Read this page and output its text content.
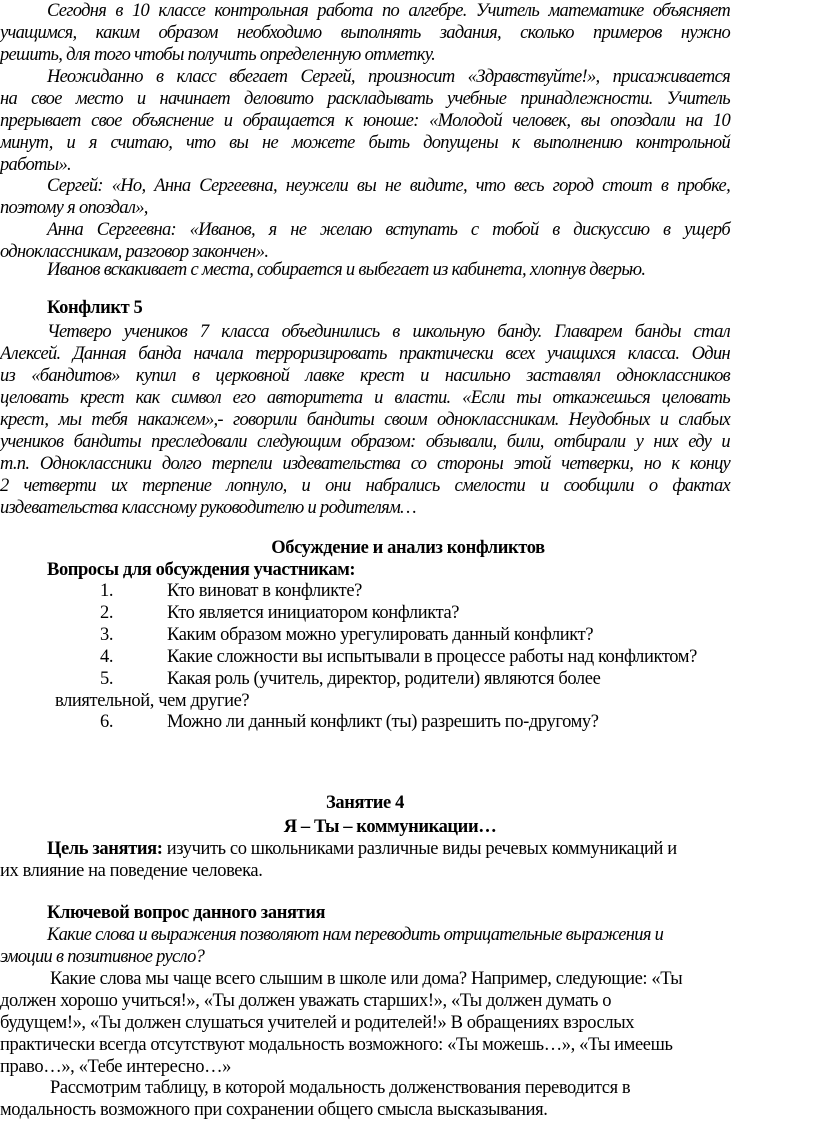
Сегодня в 10 классе контрольная работа по алгебре. Учитель математике объясняет
учащимся, каким образом необходимо выполнять задания, сколько примеров нужно
решить, для того чтобы получить определенную отметку.
Неожиданно в класс вбегает Сергей, произносит «Здравствуйте!», присаживается
на свое место и начинает деловито раскладывать учебные принадлежности. Учитель
прерывает свое объяснение и обращается к юноше: «Молодой человек, вы опоздали на 10
минут, и я считаю, что вы не можете быть допущены к выполнению контрольной
работы».
Сергей: «Но, Анна Сергеевна, неужели вы не видите, что весь город стоит в пробке,
поэтому я опоздал»,
Анна Сергеевна: «Иванов, я не желаю вступать с тобой в дискуссию в ущерб
одноклассникам, разговор закончен».
Иванов вскакивает с места, собирается и выбегает из кабинета, хлопнув дверью.
Конфликт 5
Четверо учеников 7 класса объединились в школьную банду. Главарем банды стал
Алексей. Данная банда начала терроризировать практически всех учащихся класса. Один
из «бандитов» купил в церковной лавке крест и насильно заставлял одноклассников
целовать крест как символ его авторитета и власти. «Если ты откажешься целовать
крест, мы тебя накажем»,- говорили бандиты своим одноклассникам. Неудобных и слабых
учеников бандиты преследовали следующим образом: обзывали, били, отбирали у них еду и
т.п. Одноклассники долго терпели издевательства со стороны этой четверки, но к концу
2 четверти их терпение лопнуло, и они набрались смелости и сообщили о фактах
издевательства классному руководителю и родителям…
Обсуждение и анализ конфликтов
Вопросы для обсуждения участникам:
1.	Кто виноват в конфликте?
2.	Кто является инициатором конфликта?
3.	Каким образом можно урегулировать данный конфликт?
4.	Какие сложности вы испытывали в процессе работы над конфликтом?
5.	Какая роль (учитель, директор, родители) являются более
влиятельной, чем другие?
6.	Можно ли данный конфликт (ты) разрешить по-другому?
Занятие 4
Я – Ты – коммуникации…
Цель занятия: изучить со школьниками различные виды речевых коммуникаций и
их влияние на поведение человека.
Ключевой вопрос данного занятия
Какие слова и выражения позволяют нам переводить отрицательные выражения и
эмоции в позитивное русло?
Какие слова мы чаще всего слышим в школе или дома? Например, следующие: «Ты
должен хорошо учиться!», «Ты должен уважать старших!», «Ты должен думать о
будущем!», «Ты должен слушаться учителей и родителей!» В обращениях взрослых
практически всегда отсутствуют модальность возможного: «Ты можешь…», «Ты имеешь
право…», «Тебе интересно…»
Рассмотрим таблицу, в которой модальность долженствования переводится в
модальность возможного при сохранении общего смысла высказывания.
